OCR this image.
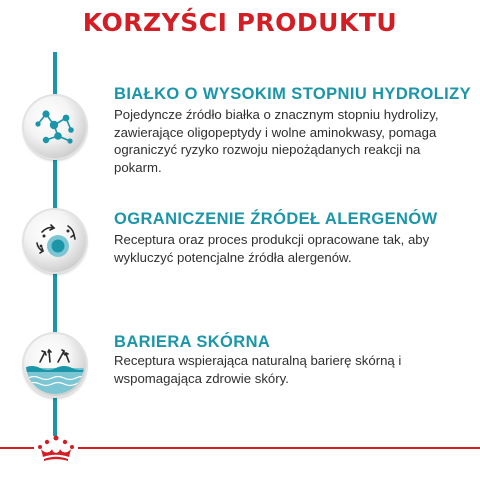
KORZYŚCI PRODUKTU
BIAŁKO O WYSOKIM STOPNIU HYDROLIZY
Pojedyncze źródło białka o znacznym stopniu hydrolizy,
zawierające oligopeptydy i wolne aminokwasy, pomaga
ograniczyć ryzyko rozwoju niepożądanych reakcji na
pokarm.
OGRANICZENIE ŹRÓDEŁ ALERGENÓW
Receptura oraz proces produkcji opracowane tak, aby
wykluczyć potencjalne źródła alergenów.
BARIERA SKÓRNA
Receptura wspierająca naturalną barierę skórną i
wspomagająca zdrowie skóry.
